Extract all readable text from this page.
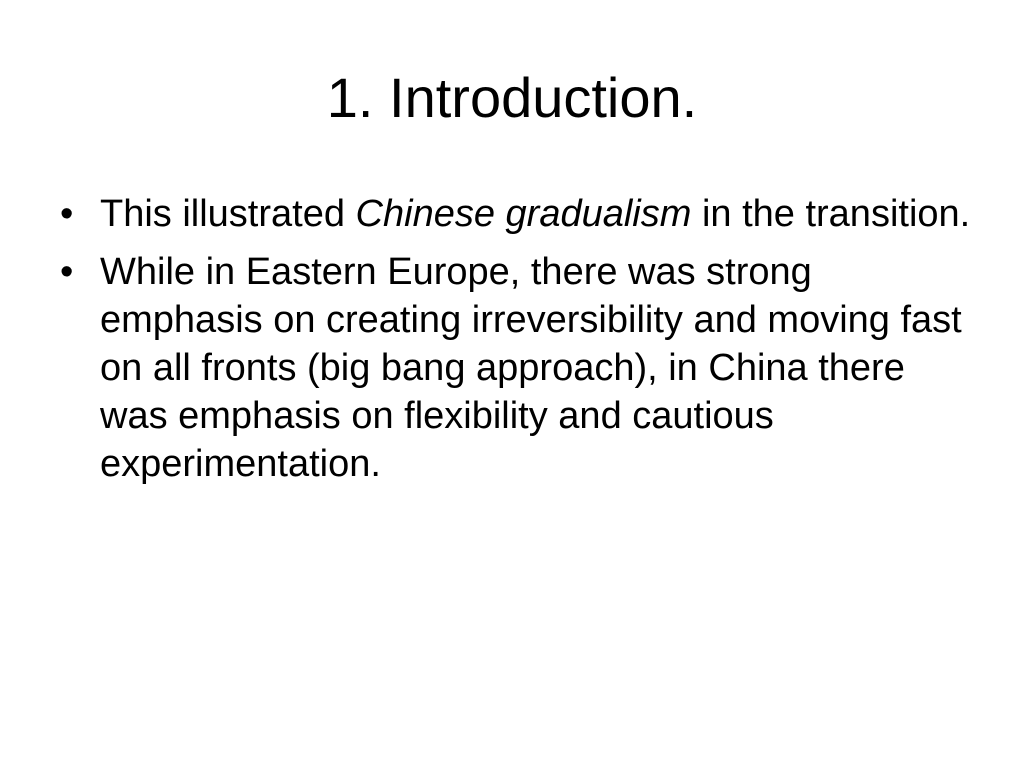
1. Introduction.
• This illustrated Chinese gradualism in the transition.
• While in Eastern Europe, there was strong emphasis on creating irreversibility and moving fast on all fronts (big bang approach), in China there was emphasis on flexibility and cautious experimentation.
